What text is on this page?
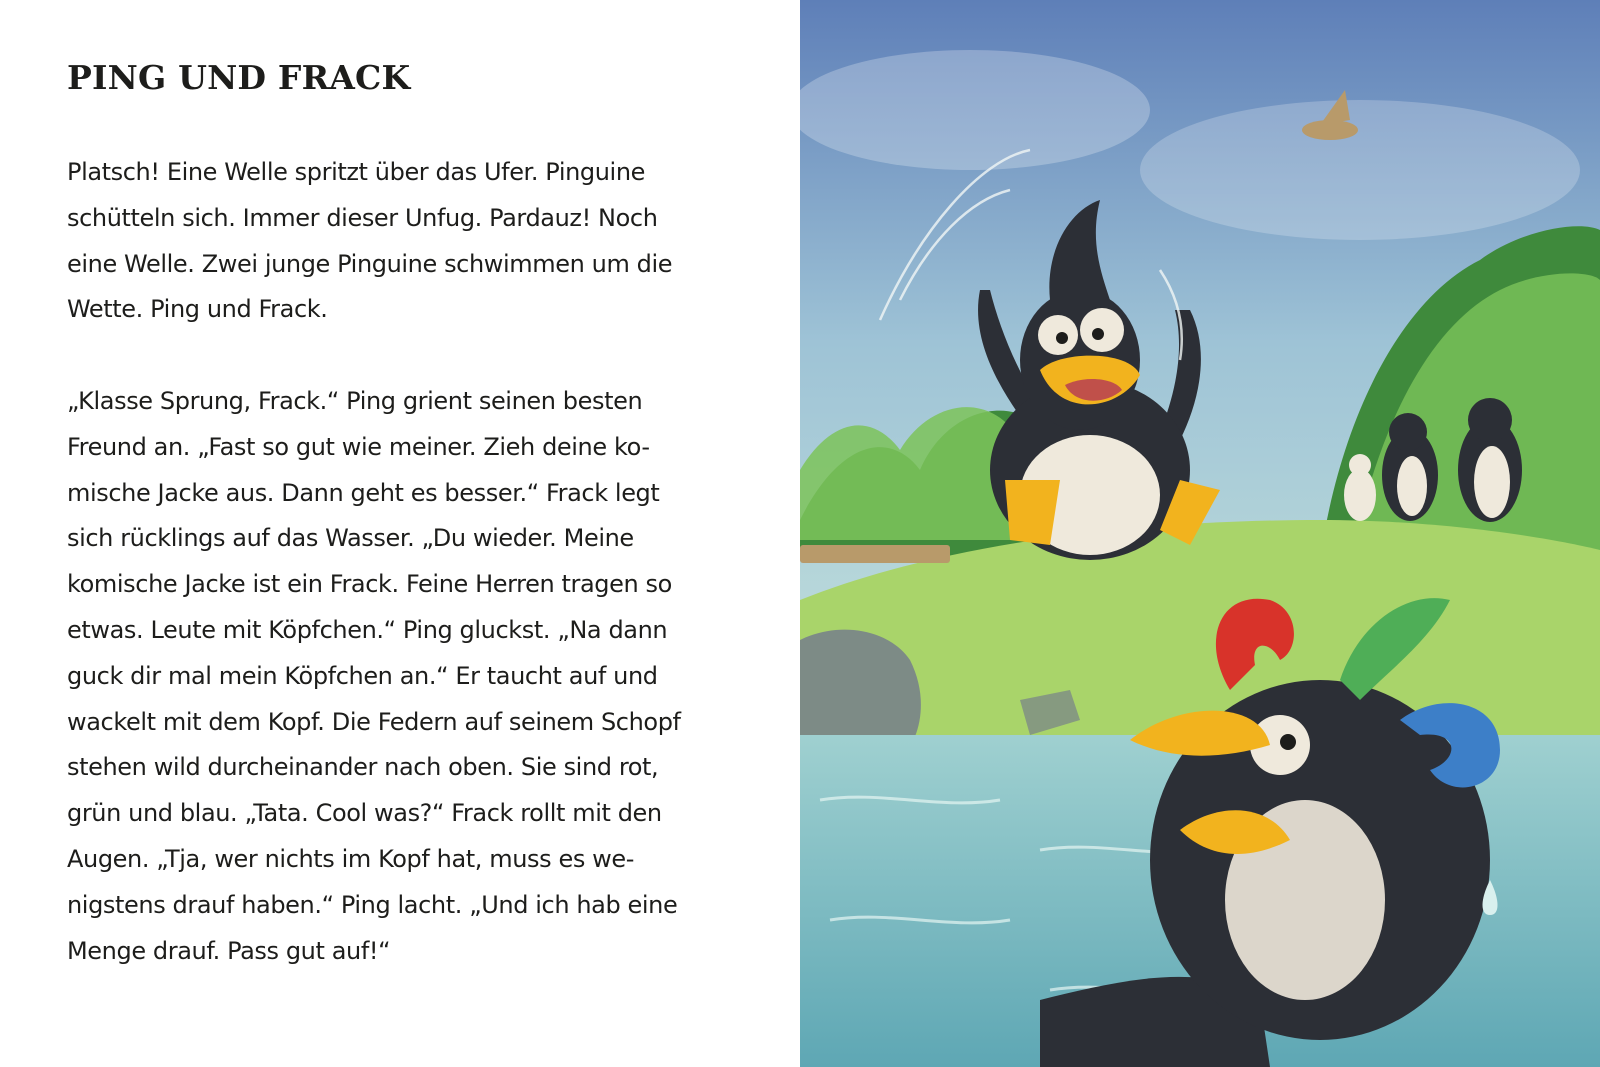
PING UND FRACK

Platsch! Eine Welle spritzt über das Ufer. Pinguine
schütteln sich. Immer dieser Unfug. Pardauz! Noch
eine Welle. Zwei junge Pinguine schwimmen um die
Wette. Ping und Frack.

„Klasse Sprung, Frack.“ Ping grient seinen besten
Freund an. „Fast so gut wie meiner. Zieh deine ko-
mische Jacke aus. Dann geht es besser.“ Frack legt
sich rücklings auf das Wasser. „Du wieder. Meine
komische Jacke ist ein Frack. Feine Herren tragen so
etwas. Leute mit Köpfchen.“ Ping gluckst. „Na dann
guck dir mal mein Köpfchen an.“ Er taucht auf und
wackelt mit dem Kopf. Die Federn auf seinem Schopf
stehen wild durcheinander nach oben. Sie sind rot,
grün und blau. „Tata. Cool was?“ Frack rollt mit den
Augen. „Tja, wer nichts im Kopf hat, muss es we-
nigstens drauf haben.“ Ping lacht. „Und ich hab eine
Menge drauf. Pass gut auf!“
